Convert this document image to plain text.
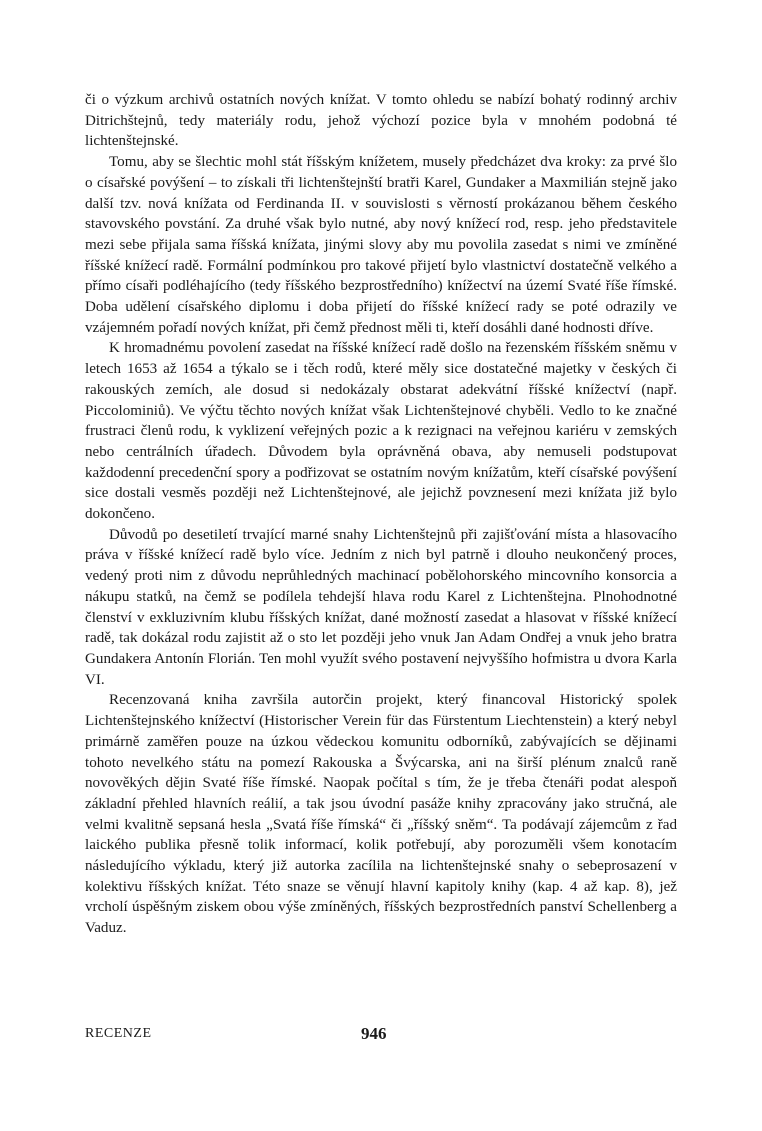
či o výzkum archivů ostatních nových knížat. V tomto ohledu se nabízí bohatý rodinný archiv Ditrichštejnů, tedy materiály rodu, jehož výchozí pozice byla v mnohém podobná té lichtenštejnské.

Tomu, aby se šlechtic mohl stát říšským knížetem, musely předcházet dva kroky: za prvé šlo o císařské povýšení – to získali tři lichtenštejnští bratři Karel, Gundaker a Maxmilián stejně jako další tzv. nová knížata od Ferdinanda II. v souvislosti s věrností prokázanou během českého stavovského povstání. Za druhé však bylo nutné, aby nový knížecí rod, resp. jeho představitele mezi sebe přijala sama říšská knížata, jinými slovy aby mu povolila zasedat s nimi ve zmíněné říšské knížecí radě. Formální podmínkou pro takové přijetí bylo vlastnictví dostatečně velkého a přímo císaři podléhajícího (tedy říšského bezprostředního) knížectví na území Svaté říše římské. Doba udělení císařského diplomu i doba přijetí do říšské knížecí rady se poté odrazily ve vzájemném pořadí nových knížat, při čemž přednost měli ti, kteří dosáhli dané hodnosti dříve.

K hromadnému povolení zasedat na říšské knížecí radě došlo na řezenském říšském sněmu v letech 1653 až 1654 a týkalo se i těch rodů, které měly sice dostatečné majetky v českých či rakouských zemích, ale dosud si nedokázaly obstarat adekvátní říšské knížectví (např. Piccolominiů). Ve výčtu těchto nových knížat však Lichtenštejnové chyběli. Vedlo to ke značné frustraci členů rodu, k vyklizení veřejných pozic a k rezignaci na veřejnou kariéru v zemských nebo centrálních úřadech. Důvodem byla oprávněná obava, aby nemuseli podstupovat každodenní precedenční spory a podřizovat se ostatním novým knížatům, kteří císařské povýšení sice dostali vesměs později než Lichtenštejnové, ale jejichž povznesení mezi knížata již bylo dokončeno.

Důvodů po desetiletí trvající marné snahy Lichtenštejnů při zajišťování místa a hlasovacího práva v říšské knížecí radě bylo více. Jedním z nich byl patrně i dlouho neukončený proces, vedený proti nim z důvodu neprůhledných machinací pobělohorského mincovního konsorcia a nákupu statků, na čemž se podílela tehdejší hlava rodu Karel z Lichtenštejna. Plnohodnotné členství v exkluzivním klubu říšských knížat, dané možností zasedat a hlasovat v říšské knížecí radě, tak dokázal rodu zajistit až o sto let později jeho vnuk Jan Adam Ondřej a vnuk jeho bratra Gundakera Antonín Florián. Ten mohl využít svého postavení nejvyššího hofmistra u dvora Karla VI.

Recenzovaná kniha završila autorčin projekt, který financoval Historický spolek Lichtenštejnského knížectví (Historischer Verein für das Fürstentum Liechtenstein) a který nebyl primárně zaměřen pouze na úzkou vědeckou komunitu odborníků, zabývajících se dějinami tohoto nevelkého státu na pomezí Rakouska a Švýcarska, ani na širší plénum znalců raně novověkých dějin Svaté říše římské. Naopak počítal s tím, že je třeba čtenáři podat alespoň základní přehled hlavních reálií, a tak jsou úvodní pasáže knihy zpracovány jako stručná, ale velmi kvalitně sepsaná hesla „Svatá říše římská“ či „říšský sněm“. Ta podávají zájemcům z řad laického publika přesně tolik informací, kolik potřebují, aby porozuměli všem konotacím následujícího výkladu, který již autorka zacílila na lichtenštejnské snahy o sebeprosazení v kolektivu říšských knížat. Této snaze se věnují hlavní kapitoly knihy (kap. 4 až kap. 8), jež vrcholí úspěšným ziskem obou výše zmíněných, říšských bezprostředních panství Schellenberg a Vaduz.

RECENZE	946
